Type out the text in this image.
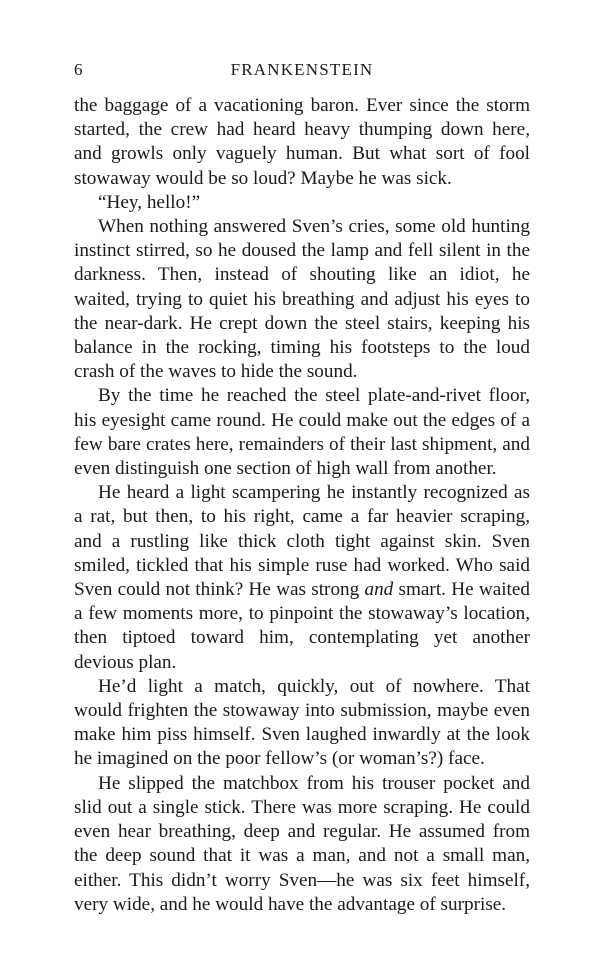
6	FRANKENSTEIN

the baggage of a vacationing baron. Ever since the storm started, the crew had heard heavy thumping down here, and growls only vaguely human. But what sort of fool stowaway would be so loud? Maybe he was sick.

“Hey, hello!”

When nothing answered Sven’s cries, some old hunting instinct stirred, so he doused the lamp and fell silent in the darkness. Then, instead of shouting like an idiot, he waited, trying to quiet his breathing and adjust his eyes to the near-dark. He crept down the steel stairs, keeping his balance in the rocking, timing his footsteps to the loud crash of the waves to hide the sound.

By the time he reached the steel plate-and-rivet floor, his eyesight came round. He could make out the edges of a few bare crates here, remainders of their last shipment, and even distinguish one section of high wall from another.

He heard a light scampering he instantly recognized as a rat, but then, to his right, came a far heavier scraping, and a rustling like thick cloth tight against skin. Sven smiled, tickled that his simple ruse had worked. Who said Sven could not think? He was strong and smart. He waited a few moments more, to pinpoint the stowaway’s location, then tiptoed toward him, contemplating yet another devious plan.

He’d light a match, quickly, out of nowhere. That would frighten the stowaway into submission, maybe even make him piss himself. Sven laughed inwardly at the look he imagined on the poor fellow’s (or woman’s?) face.

He slipped the matchbox from his trouser pocket and slid out a single stick. There was more scraping. He could even hear breathing, deep and regular. He assumed from the deep sound that it was a man, and not a small man, either. This didn’t worry Sven—he was six feet himself, very wide, and he would have the advantage of surprise.
